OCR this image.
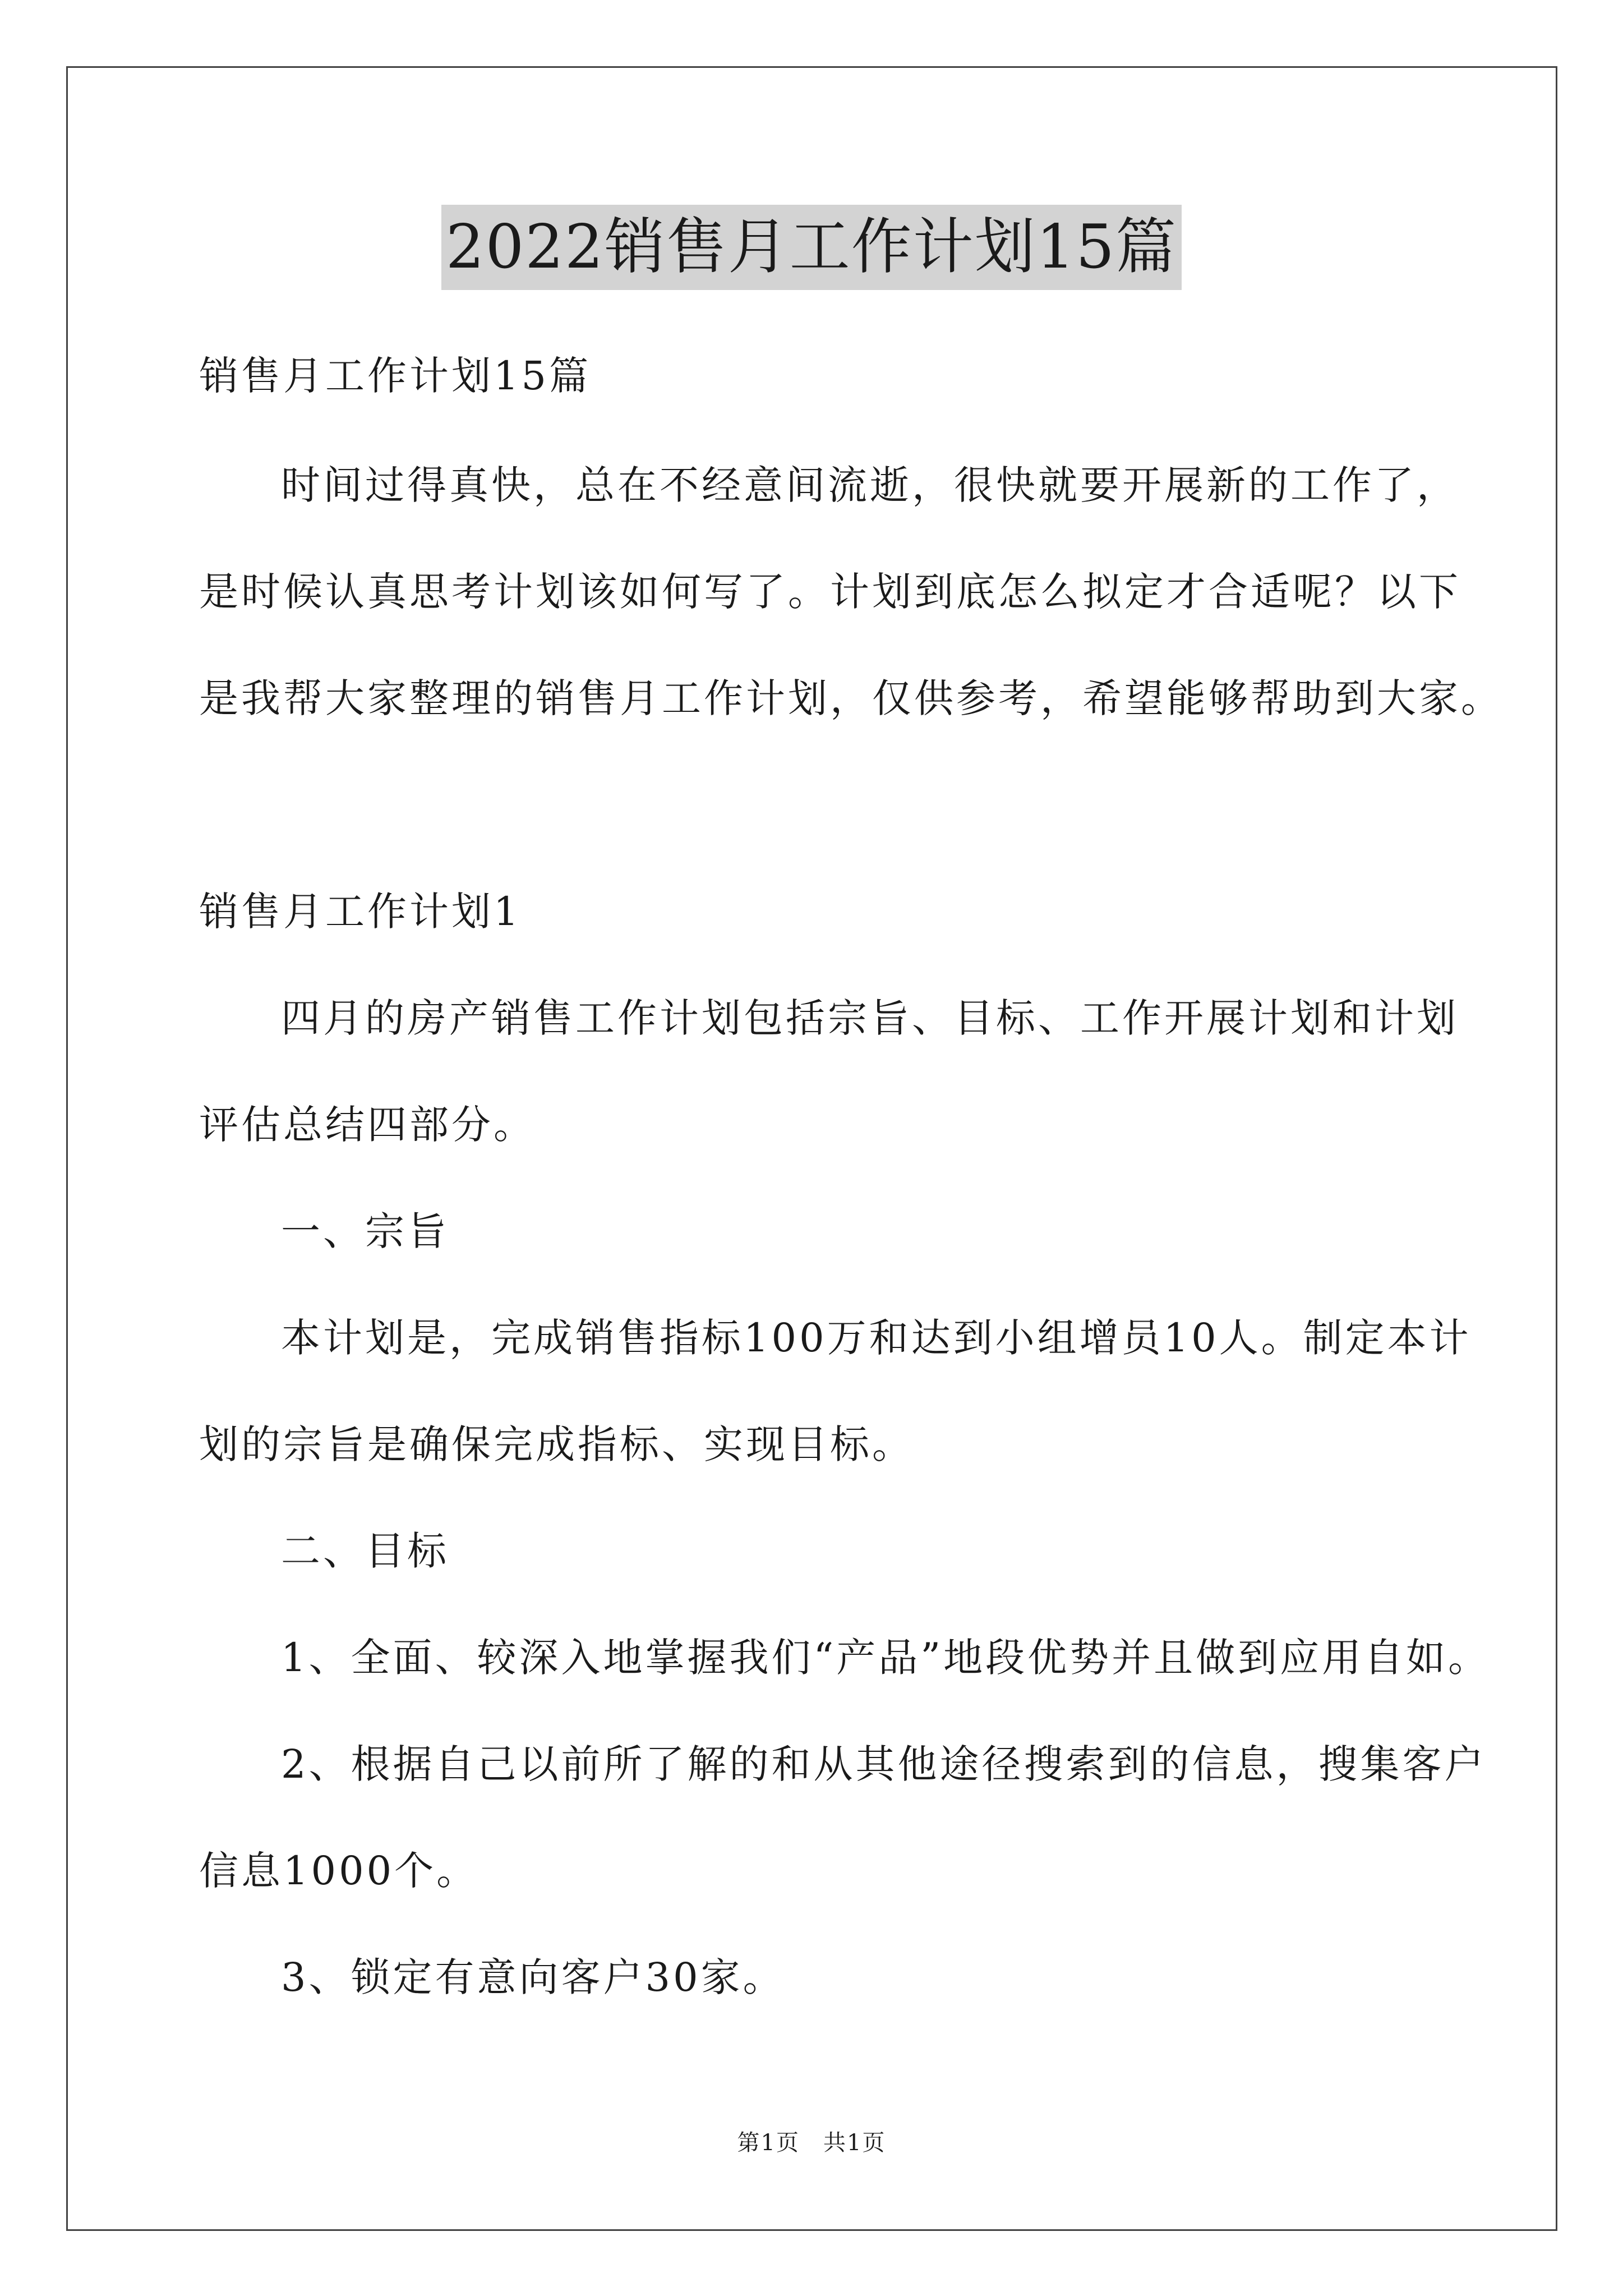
2022销售月工作计划15篇
销售月工作计划15篇
时间过得真快，总在不经意间流逝，很快就要开展新的工作了，
是时候认真思考计划该如何写了。计划到底怎么拟定才合适呢？以下
是我帮大家整理的销售月工作计划，仅供参考，希望能够帮助到大家。
销售月工作计划1
四月的房产销售工作计划包括宗旨、目标、工作开展计划和计划
评估总结四部分。
一、宗旨
本计划是，完成销售指标100万和达到小组增员10人。制定本计
划的宗旨是确保完成指标、实现目标。
二、目标
1、全面、较深入地掌握我们“产品”地段优势并且做到应用自如。
2、根据自己以前所了解的和从其他途径搜索到的信息，搜集客户
信息1000个。
3、锁定有意向客户30家。
第1页　共1页
